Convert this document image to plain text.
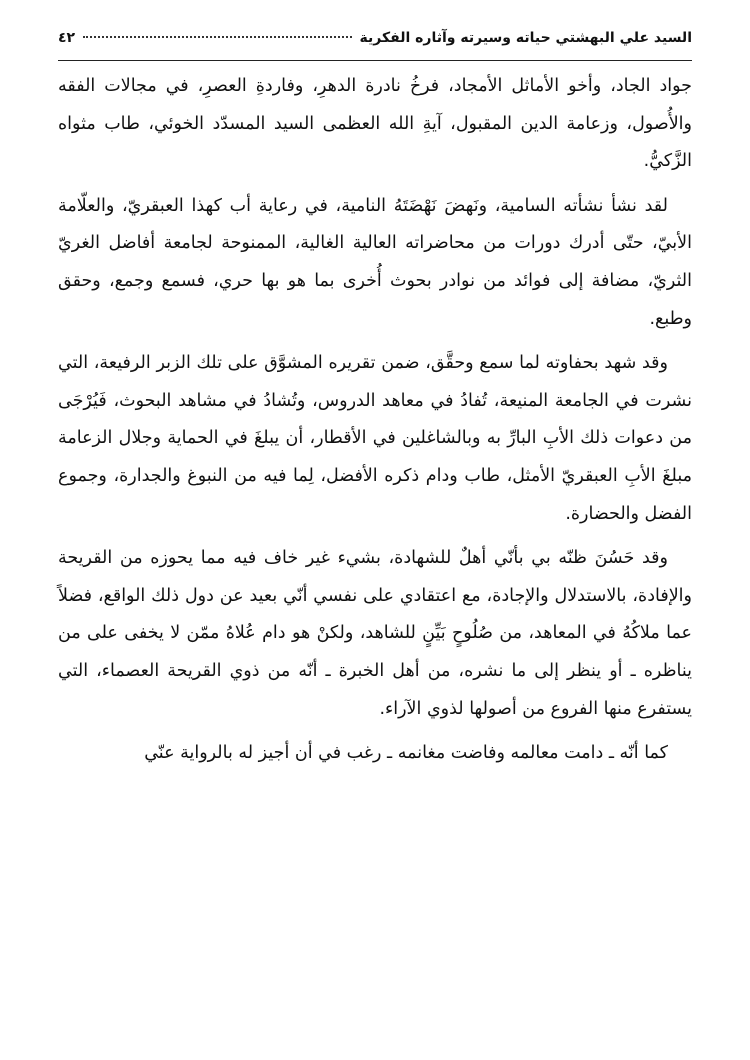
السيد علي البهشتي حياته وسيرته وآثاره الفكرية
٤٢

جواد الجاد، وأخو الأماثل الأمجاد، فرخُ نادرة الدهرِ، وفاردةِ العصرِ، في مجالات الفقه والأُصول، وزعامة الدين المقبول، آيةِ الله العظمى السيد المسدّد الخوئي، طاب مثواه الزَّكيُّ.

لقد نشأ نشأته السامية، ونَهضَ نَهْضَتَهُ النامية، في رعاية أب كهذا العبقريّ، والعلّامة الأبيّ، حتّى أدرك دورات من محاضراته العالية الغالية، الممنوحة لجامعة أفاضل الغريّ الثريّ، مضافة إلى فوائد من نوادر بحوث أُخرى بما هو بها حري، فسمع وجمع، وحقق وطبع.

وقد شهد بحفاوته لما سمع وحقَّق، ضمن تقريره المشوَّق على تلك الزبر الرفيعة، التي نشرت في الجامعة المنيعة، تُفادُ في معاهد الدروس، وتُشادُ في مشاهد البحوث، فَيُرْجَى من دعوات ذلك الأبِ البارِّ به وبالشاغلين في الأقطار، أن يبلغَ في الحماية وجلال الزعامة مبلغَ الأبِ العبقريّ الأمثل، طاب ودام ذكره الأفضل، لِما فيه من النبوغ والجدارة، وجموع الفضل والحضارة.

وقد حَسُنَ ظنّه بي بأنّي أهلٌ للشهادة، بشيء غير خاف فيه مما يحوزه من القريحة والإفادة، بالاستدلال والإجادة، مع اعتقادي على نفسي أنّي بعيد عن دول ذلك الواقع، فضلاً عما ملاكُهُ في المعاهد، من صُلُوحٍ بَيِّنٍ للشاهد، ولكنْ هو دام عُلاهُ ممّن لا يخفى على من يناظره ـ أو ينظر إلى ما نشره، من أهل الخبرة ـ أنّه من ذوي القريحة العصماء، التي يستفرع منها الفروع من أصولها لذوي الآراء.

كما أنّه ـ دامت معالمه وفاضت مغانمه ـ رغب في أن أجيز له بالرواية عنّي
